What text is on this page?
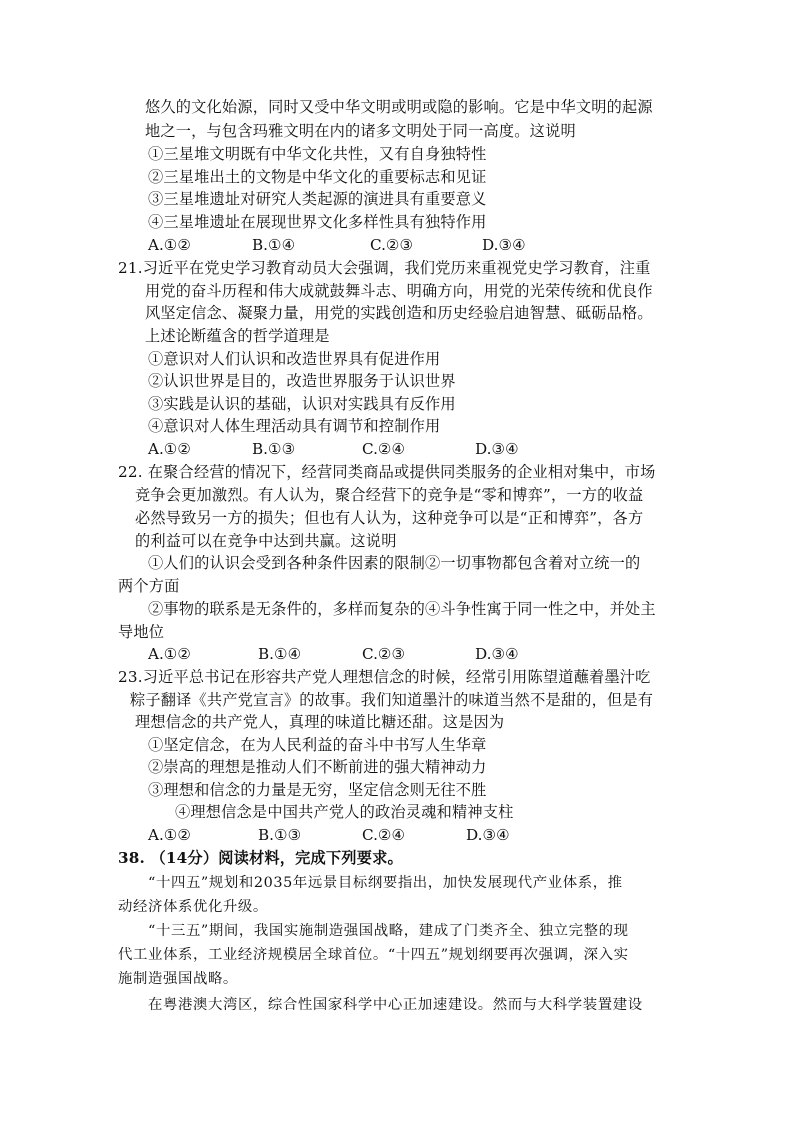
悠久的文化始源，同时又受中华文明或明或隐的影响。它是中华文明的起源
地之一，与包含玛雅文明在内的诸多文明处于同一高度。这说明
①三星堆文明既有中华文化共性，又有自身独特性
②三星堆出土的文物是中华文化的重要标志和见证
③三星堆遗址对研究人类起源的演进具有重要意义
④三星堆遗址在展现世界文化多样性具有独特作用
A.①②	B.①④	C.②③	D.③④
21.习近平在党史学习教育动员大会强调，我们党历来重视党史学习教育，注重
用党的奋斗历程和伟大成就鼓舞斗志、明确方向，用党的光荣传统和优良作
风坚定信念、凝聚力量，用党的实践创造和历史经验启迪智慧、砥砺品格。
上述论断蕴含的哲学道理是
①意识对人们认识和改造世界具有促进作用
②认识世界是目的，改造世界服务于认识世界
③实践是认识的基础，认识对实践具有反作用
④意识对人体生理活动具有调节和控制作用
A.①②	B.①③	C.②④	D.③④
22. 在聚合经营的情况下，经营同类商品或提供同类服务的企业相对集中，市场
竞争会更加激烈。有人认为，聚合经营下的竞争是“零和博弈”，一方的收益
必然导致另一方的损失；但也有人认为，这种竞争可以是“正和博弈”，各方
的利益可以在竞争中达到共赢。这说明
①人们的认识会受到各种条件因素的限制②一切事物都包含着对立统一的
两个方面
②事物的联系是无条件的，多样而复杂的④斗争性寓于同一性之中，并处主
导地位
A.①②	B.①④	C.②③	D.③④
23.习近平总书记在形容共产党人理想信念的时候，经常引用陈望道蘸着墨汁吃
粽子翻译《共产党宣言》的故事。我们知道墨汁的味道当然不是甜的，但是有
理想信念的共产党人，真理的味道比糖还甜。这是因为
①坚定信念，在为人民利益的奋斗中书写人生华章
②崇高的理想是推动人们不断前进的强大精神动力
③理想和信念的力量是无穷，坚定信念则无往不胜
④理想信念是中国共产党人的政治灵魂和精神支柱
A.①②	B.①③	C.②④	D.③④
38. （14分）阅读材料，完成下列要求。
“十四五”规划和2035年远景目标纲要指出，加快发展现代产业体系，推
动经济体系优化升级。
“十三五”期间，我国实施制造强国战略，建成了门类齐全、独立完整的现
代工业体系，工业经济规模居全球首位。“十四五”规划纲要再次强调，深入实
施制造强国战略。
在粤港澳大湾区，综合性国家科学中心正加速建设。然而与大科学装置建设
